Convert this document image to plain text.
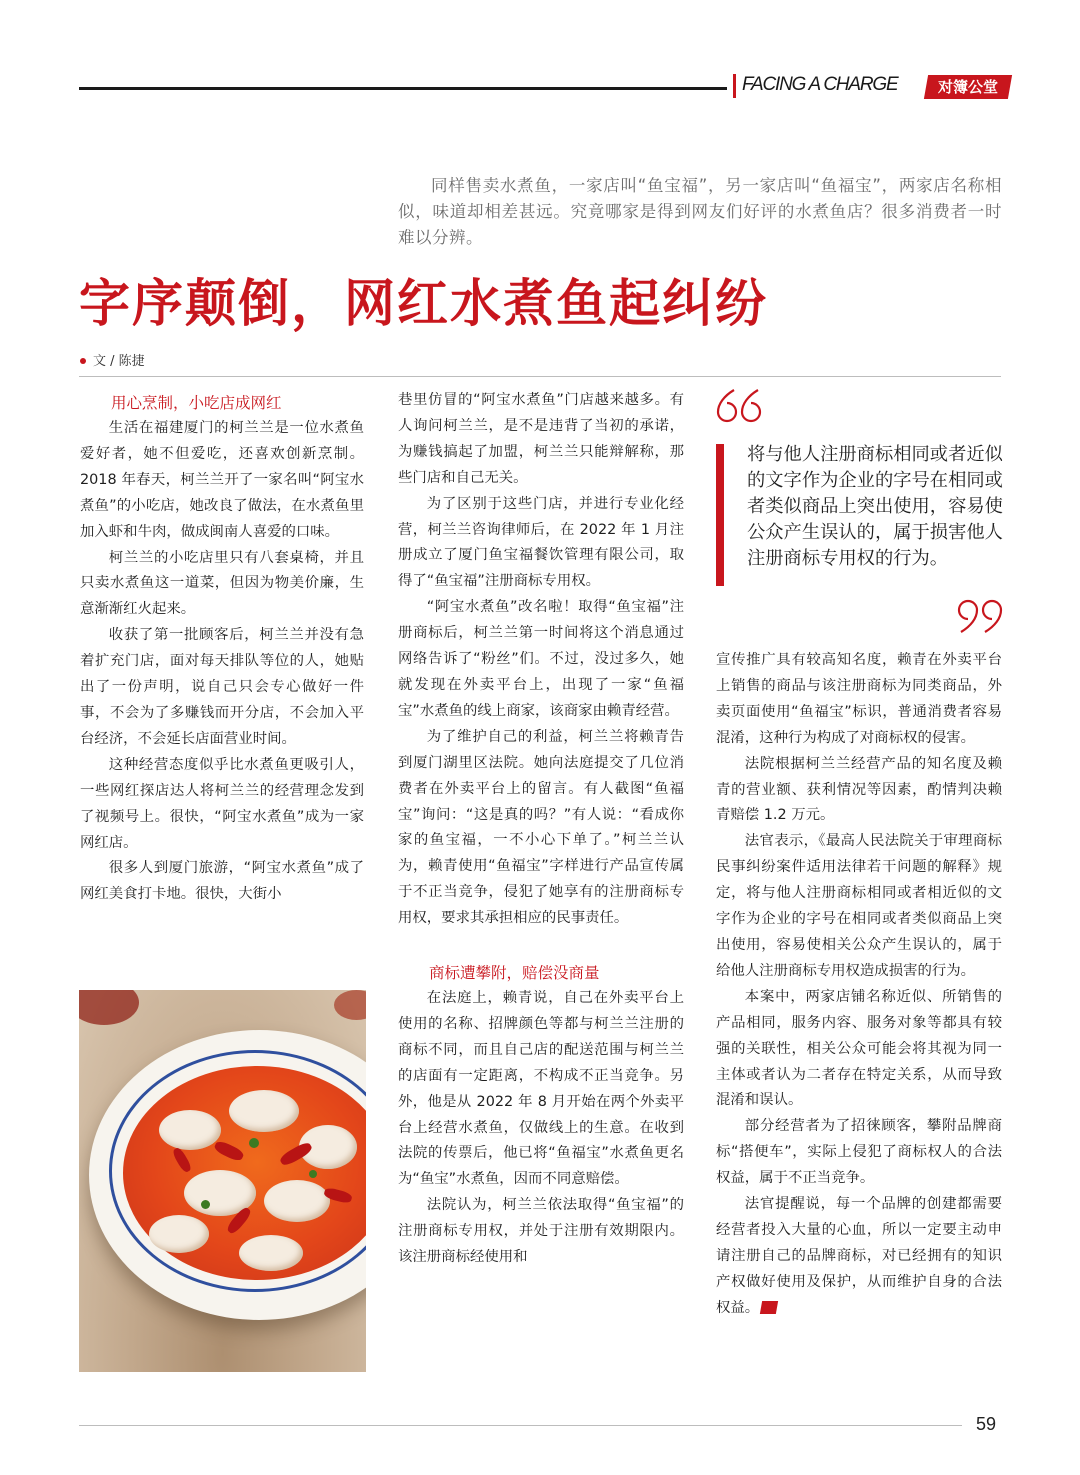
FACING A CHARGE	对簿公堂

同样售卖水煮鱼，一家店叫“鱼宝福”，另一家店叫“鱼福宝”，两家店名称相似，味道却相差甚远。究竟哪家是得到网友们好评的水煮鱼店？很多消费者一时难以分辨。

字序颠倒，网红水煮鱼起纠纷
文 / 陈捷

用心烹制，小吃店成网红

生活在福建厦门的柯兰兰是一位水煮鱼爱好者，她不但爱吃，还喜欢创新烹制。2018 年春天，柯兰兰开了一家名叫“阿宝水煮鱼”的小吃店，她改良了做法，在水煮鱼里加入虾和牛肉，做成闽南人喜爱的口味。

柯兰兰的小吃店里只有八套桌椅，并且只卖水煮鱼这一道菜，但因为物美价廉，生意渐渐红火起来。

收获了第一批顾客后，柯兰兰并没有急着扩充门店，面对每天排队等位的人，她贴出了一份声明，说自己只会专心做好一件事，不会为了多赚钱而开分店，不会加入平台经济，不会延长店面营业时间。

这种经营态度似乎比水煮鱼更吸引人，一些网红探店达人将柯兰兰的经营理念发到了视频号上。很快，“阿宝水煮鱼”成为一家网红店。

很多人到厦门旅游，“阿宝水煮鱼”成了网红美食打卡地。很快，大街小

巷里仿冒的“阿宝水煮鱼”门店越来越多。有人询问柯兰兰，是不是违背了当初的承诺，为赚钱搞起了加盟，柯兰兰只能辩解称，那些门店和自己无关。

为了区别于这些门店，并进行专业化经营，柯兰兰咨询律师后，在 2022 年 1 月注册成立了厦门鱼宝福餐饮管理有限公司，取得了“鱼宝福”注册商标专用权。

“阿宝水煮鱼”改名啦！取得“鱼宝福”注册商标后，柯兰兰第一时间将这个消息通过网络告诉了“粉丝”们。不过，没过多久，她就发现在外卖平台上，出现了一家“鱼福宝”水煮鱼的线上商家，该商家由赖青经营。

为了维护自己的利益，柯兰兰将赖青告到厦门湖里区法院。她向法庭提交了几位消费者在外卖平台上的留言。有人截图“鱼福宝”询问：“这是真的吗？”有人说：“看成你家的鱼宝福，一不小心下单了。”柯兰兰认为，赖青使用“鱼福宝”字样进行产品宣传属于不正当竞争，侵犯了她享有的注册商标专用权，要求其承担相应的民事责任。

商标遭攀附，赔偿没商量

在法庭上，赖青说，自己在外卖平台上使用的名称、招牌颜色等都与柯兰兰注册的商标不同，而且自己店的配送范围与柯兰兰的店面有一定距离，不构成不正当竞争。另外，他是从 2022 年 8 月开始在两个外卖平台上经营水煮鱼，仅做线上的生意。在收到法院的传票后，他已将“鱼福宝”水煮鱼更名为“鱼宝”水煮鱼，因而不同意赔偿。

法院认为，柯兰兰依法取得“鱼宝福”的注册商标专用权，并处于注册有效期限内。该注册商标经使用和

将与他人注册商标相同或者近似的文字作为企业的字号在相同或者类似商品上突出使用，容易使公众产生误认的，属于损害他人注册商标专用权的行为。

宣传推广具有较高知名度，赖青在外卖平台上销售的商品与该注册商标为同类商品，外卖页面使用“鱼福宝”标识，普通消费者容易混淆，这种行为构成了对商标权的侵害。

法院根据柯兰兰经营产品的知名度及赖青的营业额、获利情况等因素，酌情判决赖青赔偿 1.2 万元。

法官表示，《最高人民法院关于审理商标民事纠纷案件适用法律若干问题的解释》规定，将与他人注册商标相同或者相近似的文字作为企业的字号在相同或者类似商品上突出使用，容易使相关公众产生误认的，属于给他人注册商标专用权造成损害的行为。

本案中，两家店铺名称近似、所销售的产品相同，服务内容、服务对象等都具有较强的关联性，相关公众可能会将其视为同一主体或者认为二者存在特定关系，从而导致混淆和误认。

部分经营者为了招徕顾客，攀附品牌商标“搭便车”，实际上侵犯了商标权人的合法权益，属于不正当竞争。

法官提醒说，每一个品牌的创建都需要经营者投入大量的心血，所以一定要主动申请注册自己的品牌商标，对已经拥有的知识产权做好使用及保护，从而维护自身的合法权益。	M

59
